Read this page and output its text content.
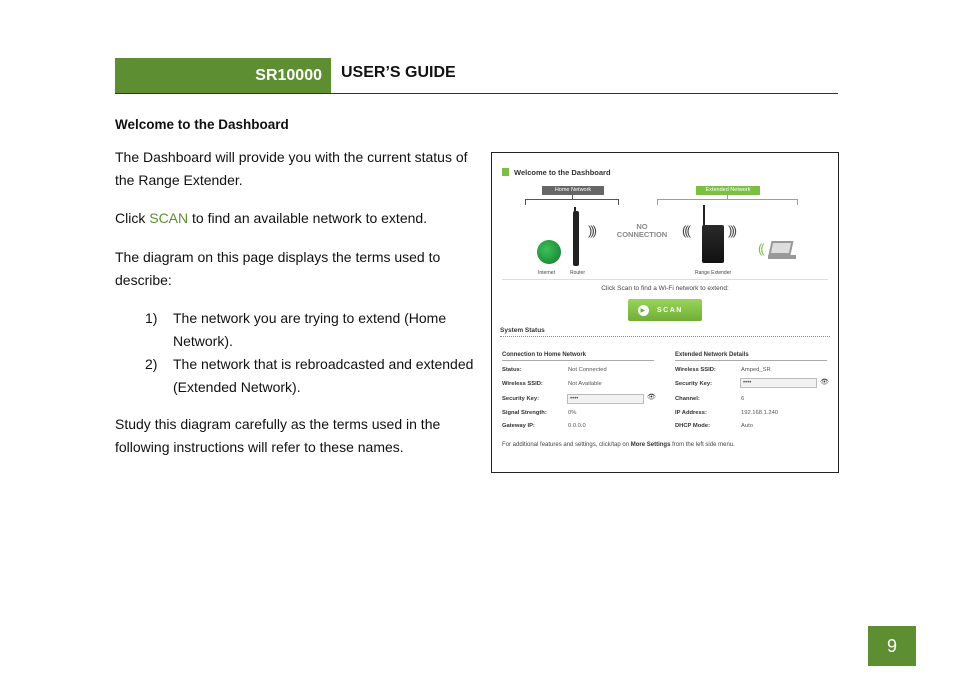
SR10000 USER’S GUIDE
Welcome to the Dashboard

The Dashboard will provide you with the current status of the Range Extender.

Click SCAN to find an available network to extend.

The diagram on this page displays the terms used to describe:

1)	The network you are trying to extend (Home Network).
2)	The network that is rebroadcasted and extended (Extended Network).

Study this diagram carefully as the terms used in the following instructions will refer to these names.

Welcome to the Dashboard
Home Network	Extended Network
)))	NO
CONNECTION	(((	)))
((
Internet	Router	Range Extender
Click Scan to find a Wi-Fi network to extend:
▶	SCAN
System Status
Connection to Home Network
Status:	Not Connected
Wireless SSID:	Not Available
Security Key:	••••	👁
Signal Strength:	0%
Gateway IP:	0.0.0.0
Extended Network Details
Wireless SSID:	Amped_SR
Security Key:	••••	👁
Channel:	6
IP Address:	192.168.1.240
DHCP Mode:	Auto
For additional features and settings, click/tap on More Settings from the left side menu.
9
